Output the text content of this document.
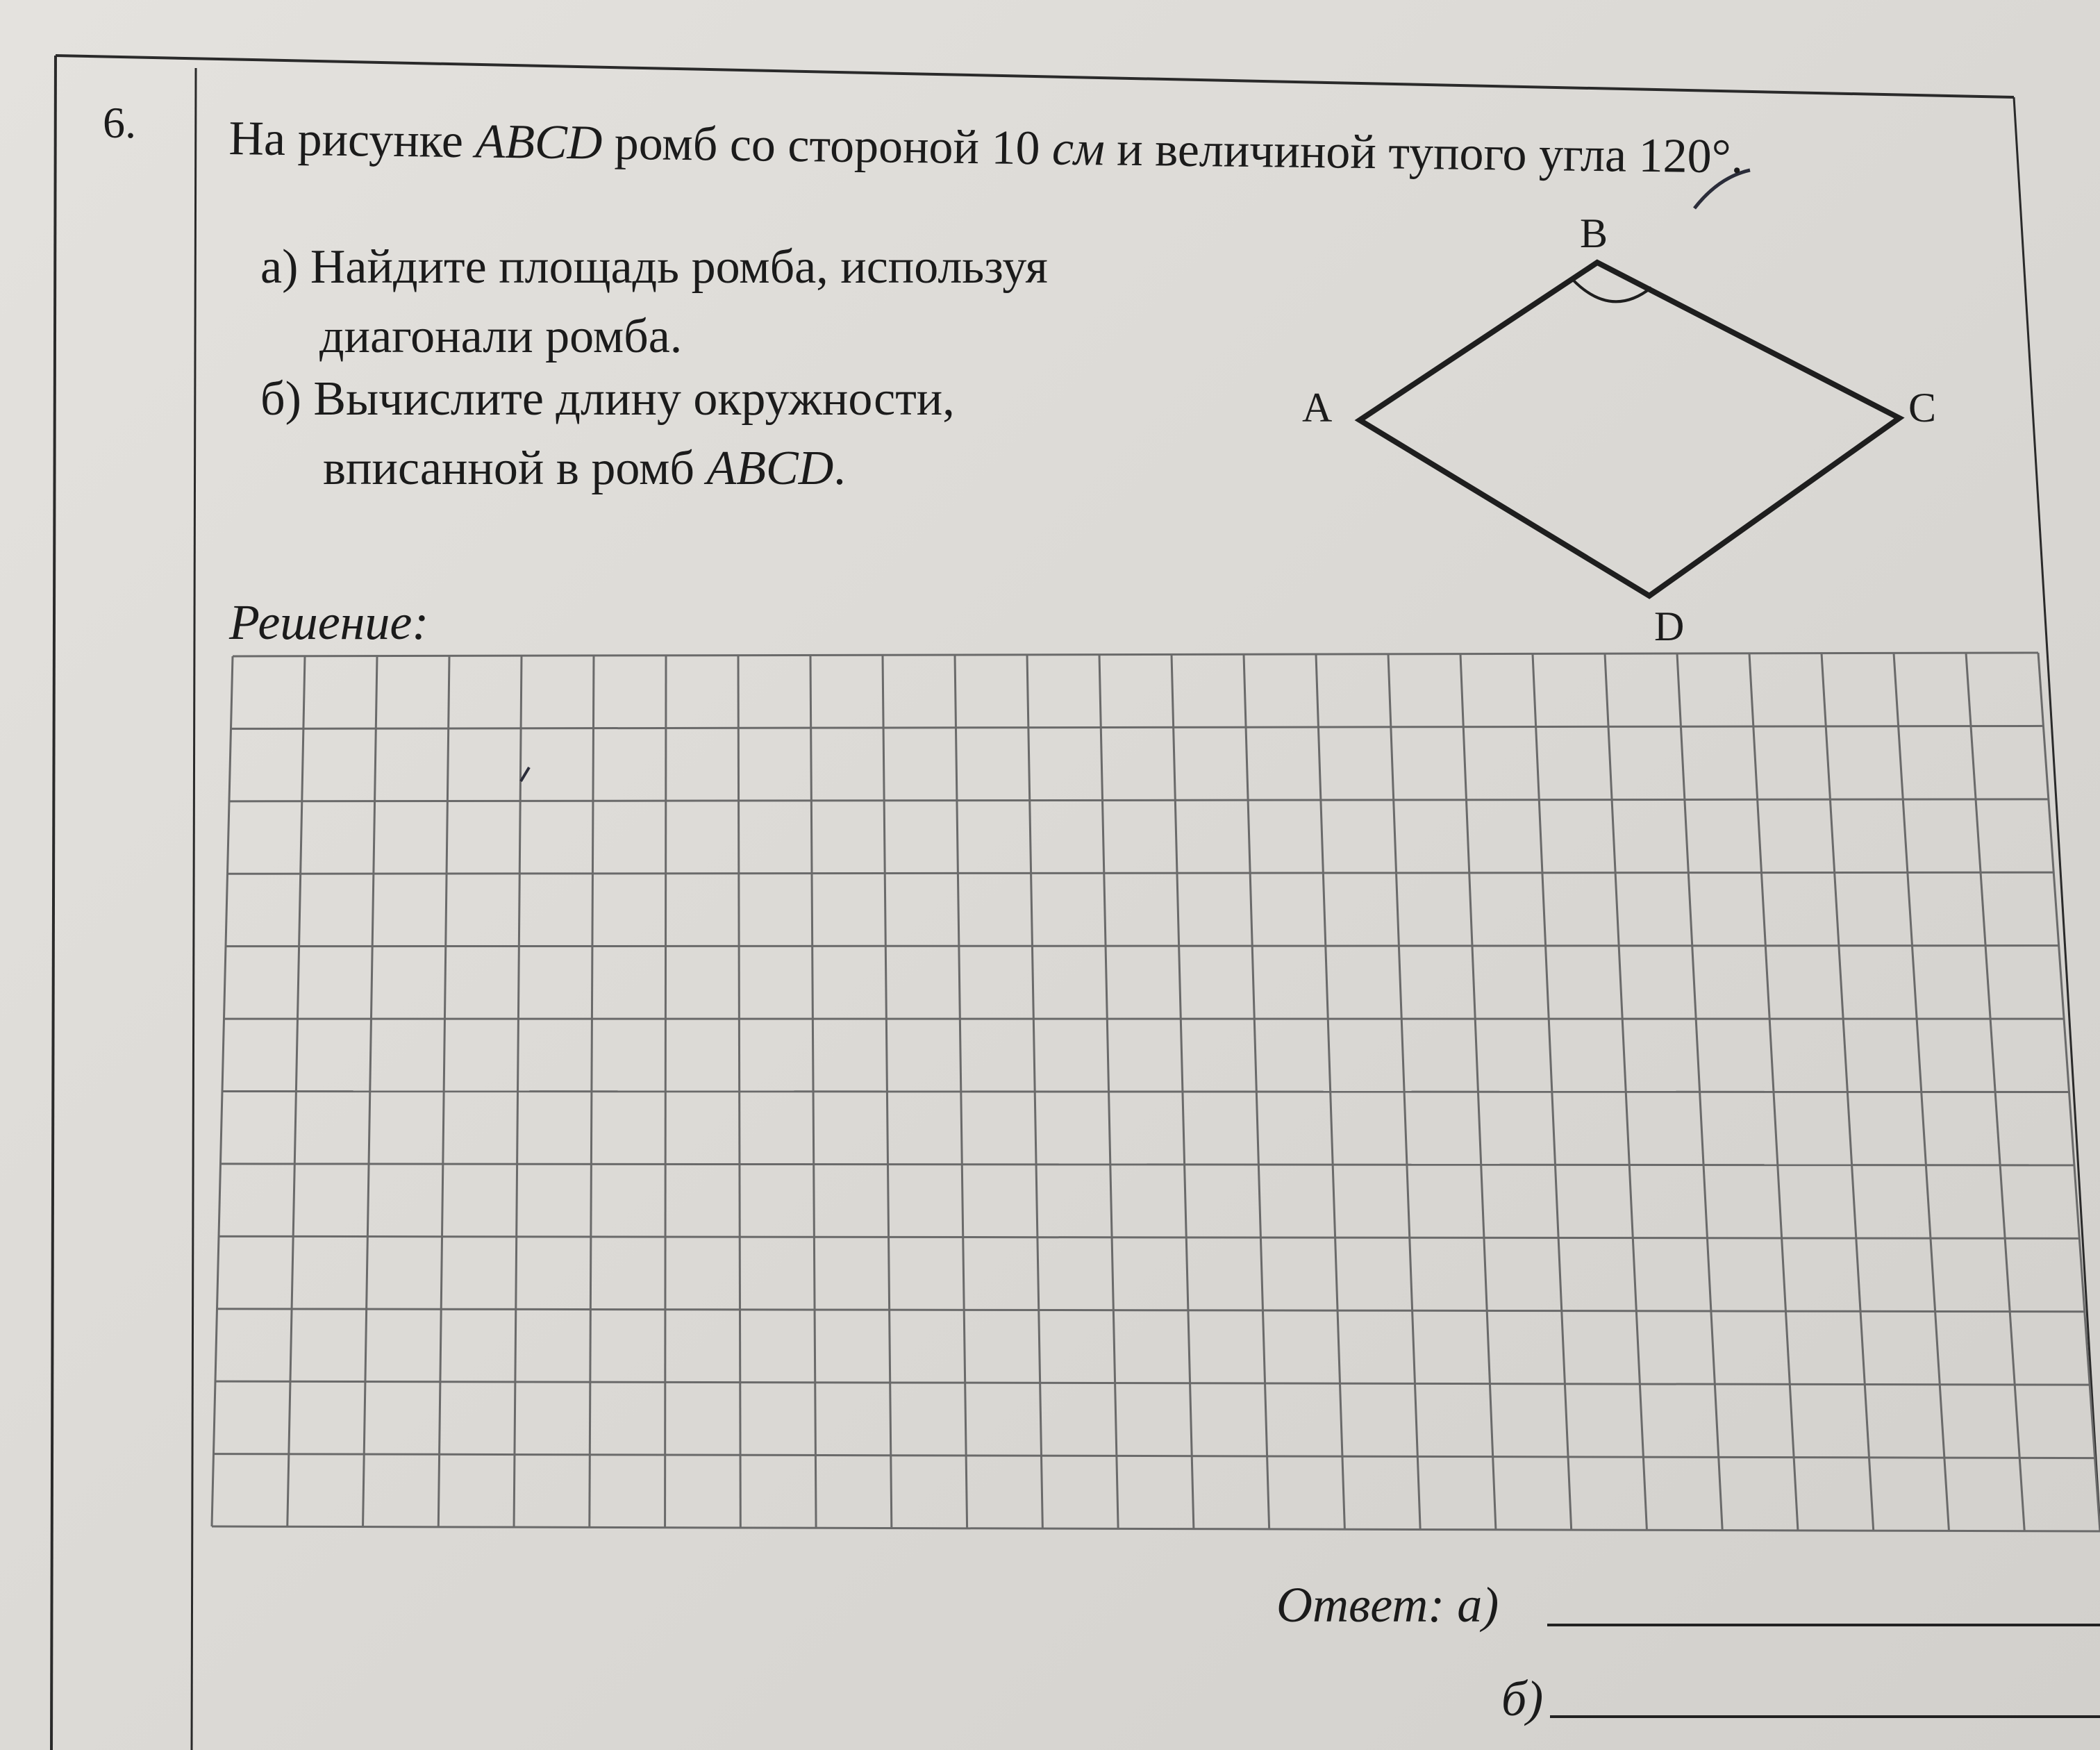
6. На рисунке ABCD ромб со стороной 10 см и величиной тупого угла 120°.
а) Найдите площадь ромба, используя
диагонали ромба.
б) Вычислите длину окружности,
вписанной в ромб ABCD.
B
A	C
D
Решение:
Ответ: а)
б)
